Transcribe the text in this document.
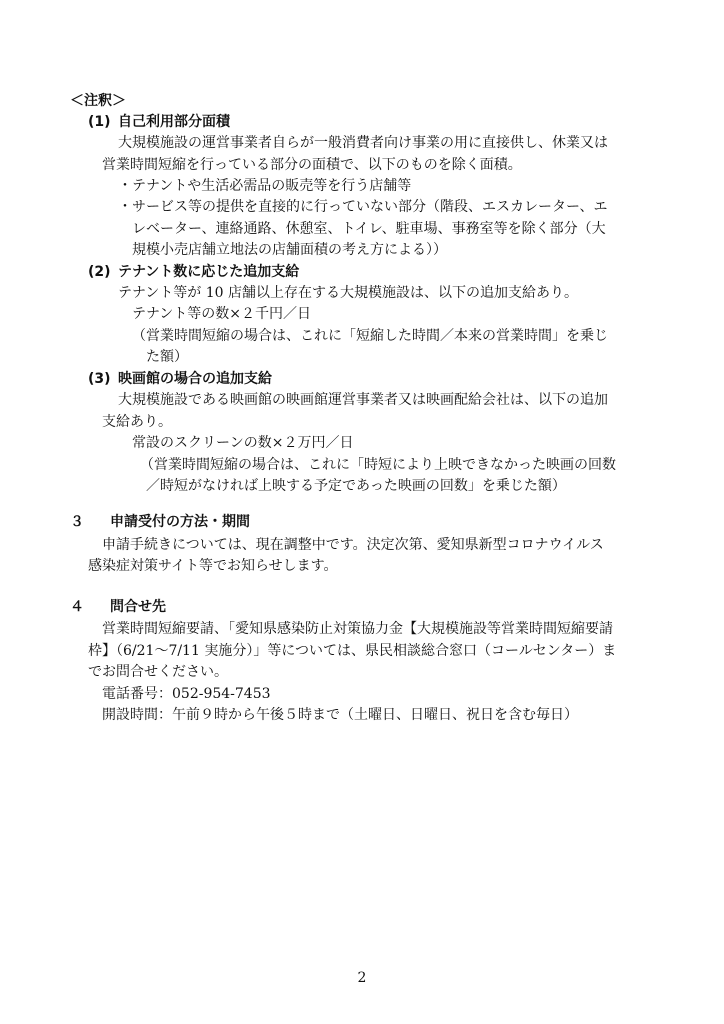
＜注釈＞
(1) 自己利用部分面積
大規模施設の運営事業者自らが一般消費者向け事業の用に直接供し、休業又は
営業時間短縮を行っている部分の面積で、以下のものを除く面積。
・テナントや生活必需品の販売等を行う店舗等
・サービス等の提供を直接的に行っていない部分（階段、エスカレーター、エ
レベーター、連絡通路、休憩室、トイレ、駐車場、事務室等を除く部分（大
規模小売店舗立地法の店舗面積の考え方による））
(2) テナント数に応じた追加支給
テナント等が 10 店舗以上存在する大規模施設は、以下の追加支給あり。
テナント等の数×２千円／日
（営業時間短縮の場合は、これに「短縮した時間／本来の営業時間」を乗じ
た額）
(3) 映画館の場合の追加支給
大規模施設である映画館の映画館運営事業者又は映画配給会社は、以下の追加
支給あり。
常設のスクリーンの数×２万円／日
（営業時間短縮の場合は、これに「時短により上映できなかった映画の回数
／時短がなければ上映する予定であった映画の回数」を乗じた額）
３ 申請受付の方法・期間
申請手続きについては、現在調整中です。決定次第、愛知県新型コロナウイルス
感染症対策サイト等でお知らせします。
４ 問合せ先
営業時間短縮要請、「愛知県感染防止対策協力金【大規模施設等営業時間短縮要請
枠】（6/21～7/11 実施分）」等については、県民相談総合窓口（コールセンター）ま
でお問合せください。
電話番号：052-954-7453
開設時間：午前９時から午後５時まで（土曜日、日曜日、祝日を含む毎日）
2
